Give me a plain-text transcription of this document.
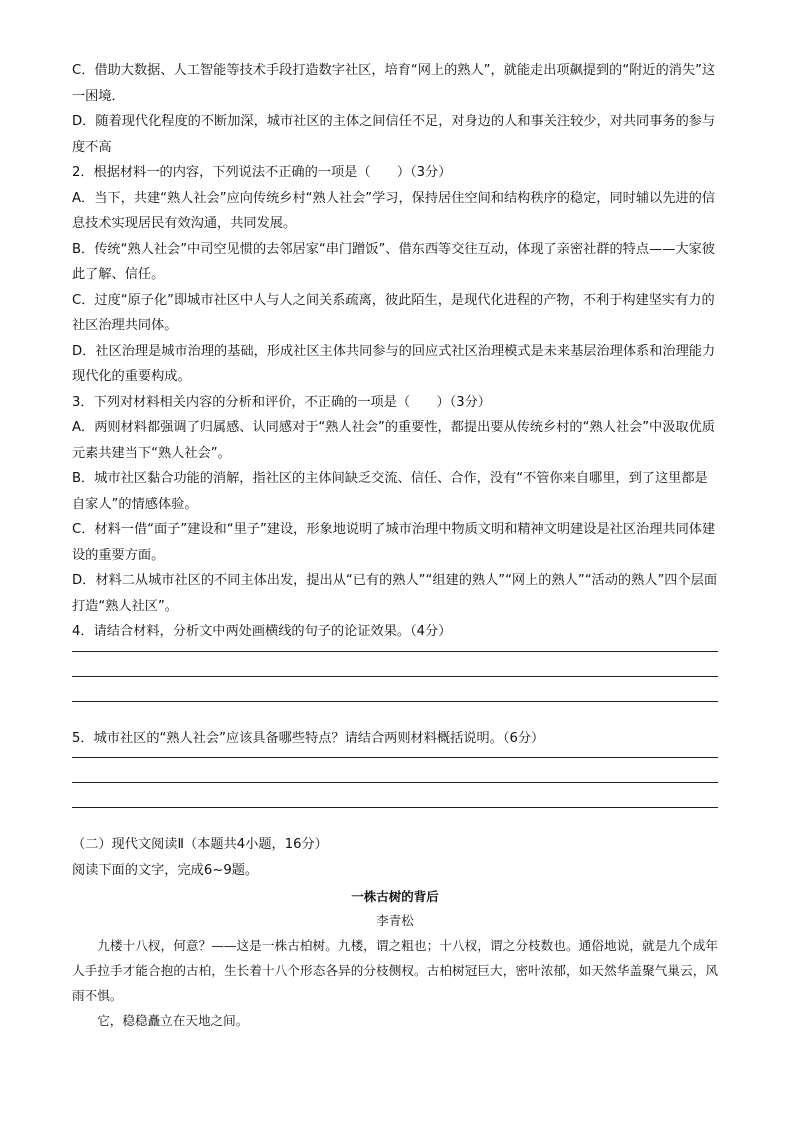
C．借助大数据、人工智能等技术手段打造数字社区，培育“网上的熟人”，就能走出项飙提到的“附近的消失”这一困境．

D．随着现代化程度的不断加深，城市社区的主体之间信任不足，对身边的人和事关注较少，对共同事务的参与度不高

2．根据材料一的内容，下列说法不正确的一项是（　　）（3分）

A．当下，共建“熟人社会”应向传统乡村“熟人社会”学习，保持居住空间和结构秩序的稳定，同时辅以先进的信息技术实现居民有效沟通，共同发展。

B．传统“熟人社会”中司空见惯的去邻居家“串门蹭饭”、借东西等交往互动，体现了亲密社群的特点——大家彼此了解、信任。

C．过度“原子化”即城市社区中人与人之间关系疏离，彼此陌生，是现代化进程的产物，不利于构建坚实有力的社区治理共同体。

D．社区治理是城市治理的基础，形成社区主体共同参与的回应式社区治理模式是未来基层治理体系和治理能力现代化的重要构成。

3．下列对材料相关内容的分析和评价，不正确的一项是（　　）（3分）

A．两则材料都强调了归属感、认同感对于“熟人社会”的重要性，都提出要从传统乡村的“熟人社会”中汲取优质元素共建当下“熟人社会”。

B．城市社区黏合功能的消解，指社区的主体间缺乏交流、信任、合作，没有“不管你来自哪里，到了这里都是自家人”的情感体验。

C．材料一借“面子”建设和“里子”建设，形象地说明了城市治理中物质文明和精神文明建设是社区治理共同体建设的重要方面。

D．材料二从城市社区的不同主体出发，提出从“已有的熟人”“组建的熟人”“网上的熟人”“活动的熟人”四个层面打造“熟人社区”。

4．请结合材料，分析文中两处画横线的句子的论证效果。（4分）

5．城市社区的“熟人社会”应该具备哪些特点？请结合两则材料概括说明。（6分）

（二）现代文阅读Ⅱ（本题共4小题，16分）

阅读下面的文字，完成6~9题。

一株古树的背后
李青松

九楼十八杈，何意？——这是一株古柏树。九楼，谓之粗也；十八杈，谓之分枝数也。通俗地说，就是九个成年人手拉手才能合抱的古柏，生长着十八个形态各异的分枝侧杈。古柏树冠巨大，密叶浓郁，如天然华盖聚气巢云，风雨不惧。

它，稳稳矗立在天地之间。
